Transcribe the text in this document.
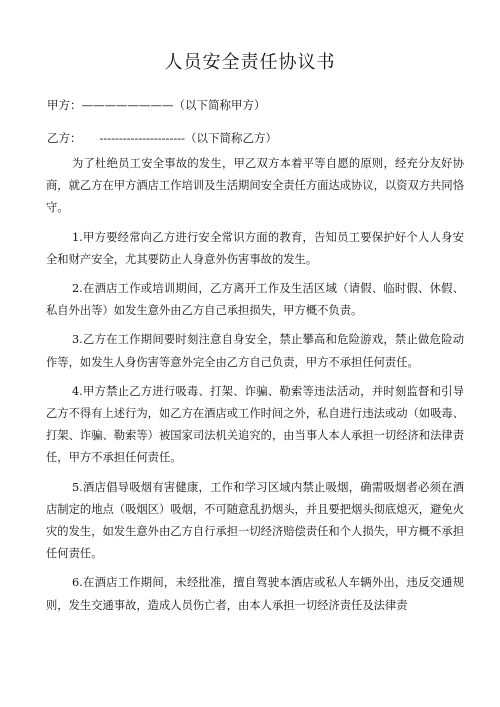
人员安全责任协议书
甲方：————————（以下简称甲方）
乙方： ----------------------（以下简称乙方）

为了杜绝员工安全事故的发生，甲乙双方本着平等自愿的原则，经充分友好协商，就乙方在甲方酒店工作培训及生活期间安全责任方面达成协议，以资双方共同恪守。

1.甲方要经常向乙方进行安全常识方面的教育，告知员工要保护好个人人身安全和财产安全，尤其要防止人身意外伤害事故的发生。

2.在酒店工作或培训期间，乙方离开工作及生活区域（请假、临时假、休假、私自外出等）如发生意外由乙方自己承担损失，甲方概不负责。

3.乙方在工作期间要时刻注意自身安全，禁止攀高和危险游戏，禁止做危险动作等，如发生人身伤害等意外完全由乙方自己负责，甲方不承担任何责任。

4.甲方禁止乙方进行吸毒、打架、诈骗、勒索等违法活动，并时刻监督和引导乙方不得有上述行为，如乙方在酒店或工作时间之外，私自进行违法或动（如吸毒、打架、诈骗、勒索等）被国家司法机关追究的，由当事人本人承担一切经济和法律责任，甲方不承担任何责任。

5.酒店倡导吸烟有害健康，工作和学习区域内禁止吸烟，确需吸烟者必须在酒店制定的地点（吸烟区）吸烟，不可随意乱扔烟头，并且要把烟头彻底熄灭，避免火灾的发生，如发生意外由乙方自行承担一切经济赔偿责任和个人损失，甲方概不承担任何责任。

6.在酒店工作期间，未经批准，擅自驾驶本酒店或私人车辆外出，违反交通规则，发生交通事故，造成人员伤亡者，由本人承担一切经济责任及法律责
